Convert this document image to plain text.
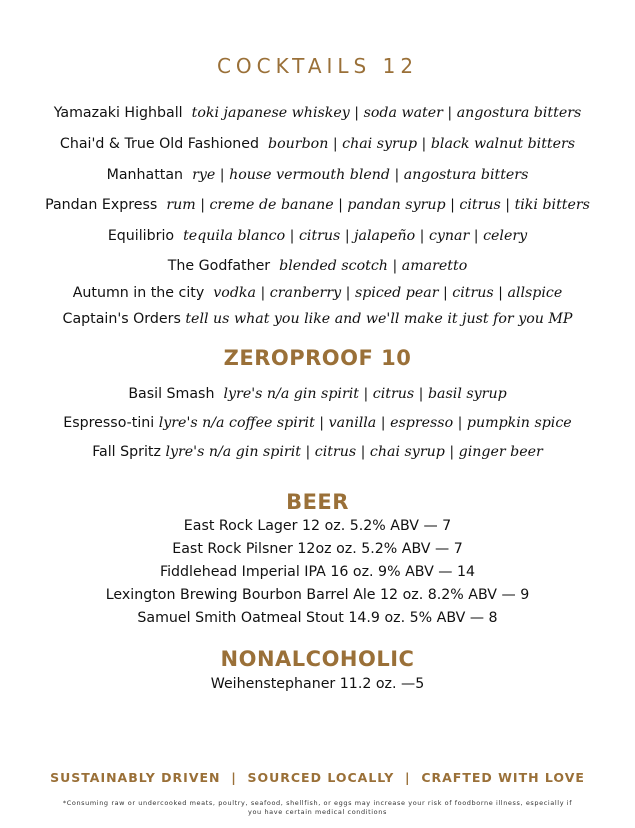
COCKTAILS 12
Yamazaki Highball toki japanese whiskey | soda water | angostura bitters
Chai'd & True Old Fashioned bourbon | chai syrup | black walnut bitters
Manhattan rye | house vermouth blend | angostura bitters
Pandan Express rum | creme de banane | pandan syrup | citrus | tiki bitters
Equilibrio tequila blanco | citrus | jalapeño | cynar | celery
The Godfather blended scotch | amaretto
Autumn in the city vodka | cranberry | spiced pear | citrus | allspice
Captain's Orders tell us what you like and we'll make it just for you MP
ZEROPROOF 10
Basil Smash lyre's n/a gin spirit | citrus | basil syrup
Espresso-tini lyre's n/a coffee spirit | vanilla | espresso | pumpkin spice
Fall Spritz lyre's n/a gin spirit | citrus | chai syrup | ginger beer
BEER
East Rock Lager 12 oz. 5.2% ABV — 7
East Rock Pilsner 12oz oz. 5.2% ABV — 7
Fiddlehead Imperial IPA 16 oz. 9% ABV — 14
Lexington Brewing Bourbon Barrel Ale 12 oz. 8.2% ABV — 9
Samuel Smith Oatmeal Stout 14.9 oz. 5% ABV — 8
NONALCOHOLIC
Weihenstephaner 11.2 oz. —5
SUSTAINABLY DRIVEN  |  SOURCED LOCALLY  |  CRAFTED WITH LOVE
*Consuming raw or undercooked meats, poultry, seafood, shellfish, or eggs may increase your risk of foodborne illness, especially if you have certain medical conditions
